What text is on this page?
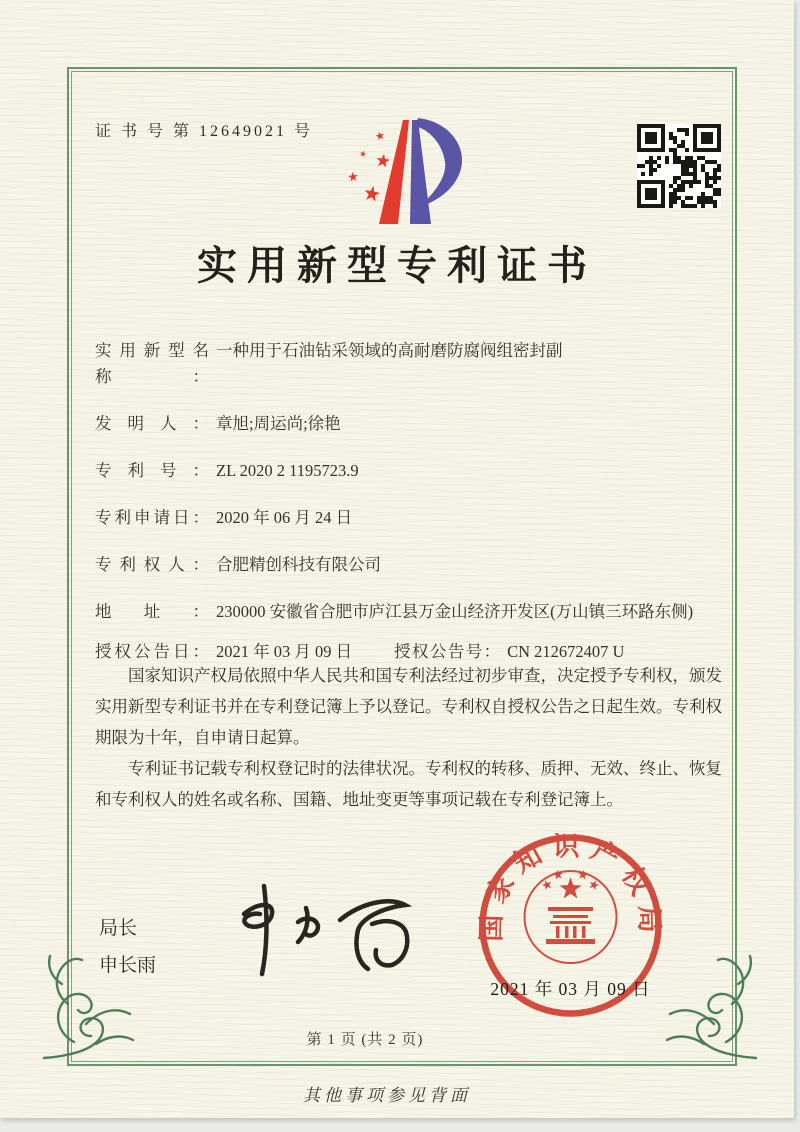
证 书 号 第 12649021 号
实用新型专利证书
实用新型名称 ：
一种用于石油钻采领域的高耐磨防腐阀组密封副
发明人 ：	章旭;周运尚;徐艳
专利号 ：	ZL 2020 2 1195723.9
专利申请日 ：	2020 年 06 月 24 日
专利权人 ：	合肥精创科技有限公司
地址 ：	230000 安徽省合肥市庐江县万金山经济开发区(万山镇三环路东侧)
授权公告日 ：	2021 年 03 月 09 日	授权公告号 ：	CN 212672407 U

国家知识产权局依照中华人民共和国专利法经过初步审查，决定授予专利权，颁发实用新型专利证书并在专利登记簿上予以登记。专利权自授权公告之日起生效。专利权期限为十年，自申请日起算。

专利证书记载专利权登记时的法律状况。专利权的转移、质押、无效、终止、恢复和专利权人的姓名或名称、国籍、地址变更等事项记载在专利登记簿上。

局长
申长雨
国家知识产权局
2021 年 03 月 09 日
第 1 页 (共 2 页)
其他事项参见背面
